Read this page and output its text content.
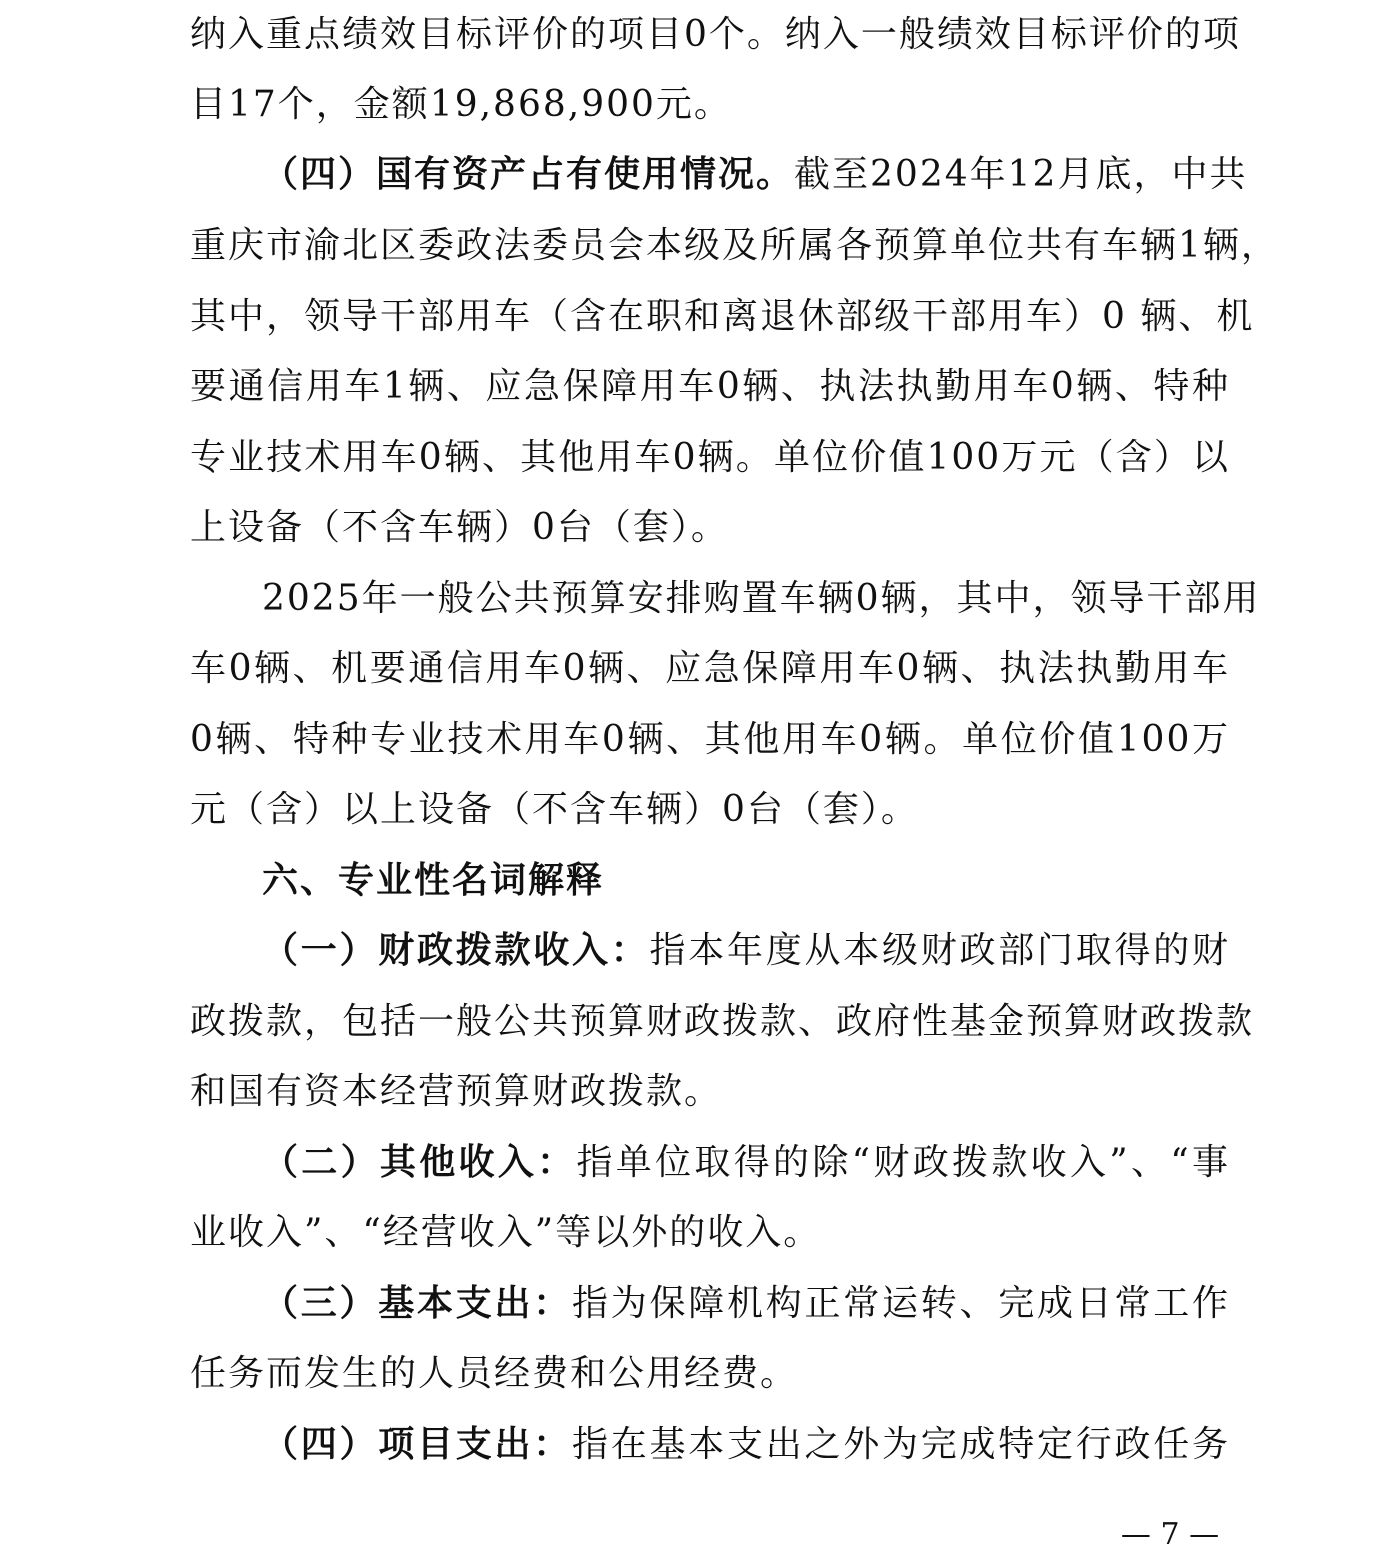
纳入重点绩效目标评价的项目0个。纳入一般绩效目标评价的项
目17个，金额19,868,900元。
（四）国有资产占有使用情况。截至2024年12月底，中共
重庆市渝北区委政法委员会本级及所属各预算单位共有车辆1辆，
其中，领导干部用车（含在职和离退休部级干部用车）0 辆、机
要通信用车1辆、应急保障用车0辆、执法执勤用车0辆、特种
专业技术用车0辆、其他用车0辆。单位价值100万元（含）以
上设备（不含车辆）0台（套）。
2025年一般公共预算安排购置车辆0辆，其中，领导干部用
车0辆、机要通信用车0辆、应急保障用车0辆、执法执勤用车
0辆、特种专业技术用车0辆、其他用车0辆。单位价值100万
元（含）以上设备（不含车辆）0台（套）。
六、专业性名词解释
（一）财政拨款收入：指本年度从本级财政部门取得的财
政拨款，包括一般公共预算财政拨款、政府性基金预算财政拨款
和国有资本经营预算财政拨款。
（二）其他收入：指单位取得的除“财政拨款收入”、“事
业收入”、“经营收入”等以外的收入。
（三）基本支出：指为保障机构正常运转、完成日常工作
任务而发生的人员经费和公用经费。
（四）项目支出：指在基本支出之外为完成特定行政任务
— 7 —
